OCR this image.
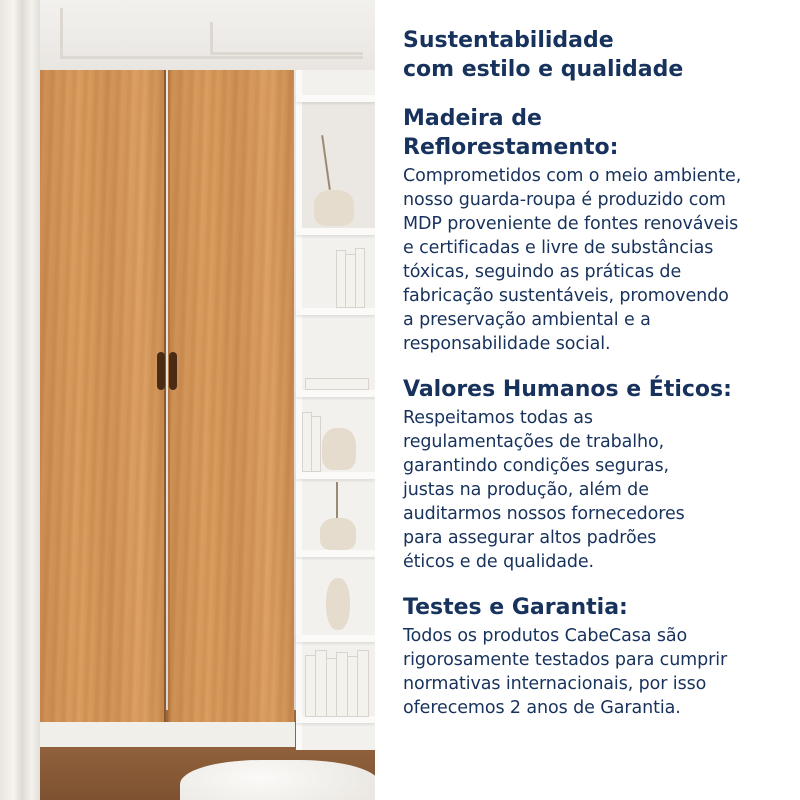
Sustentabilidade
com estilo e qualidade
Madeira de
Reflorestamento:

Comprometidos com o meio ambiente,
nosso guarda-roupa é produzido com
MDP proveniente de fontes renováveis
e certificadas e livre de substâncias
tóxicas, seguindo as práticas de
fabricação sustentáveis, promovendo
a preservação ambiental e a
responsabilidade social.

Valores Humanos e Éticos:

Respeitamos todas as
regulamentações de trabalho,
garantindo condições seguras,
justas na produção, além de
auditarmos nossos fornecedores
para assegurar altos padrões
éticos e de qualidade.

Testes e Garantia:

Todos os produtos CabeCasa são
rigorosamente testados para cumprir
normativas internacionais, por isso
oferecemos 2 anos de Garantia.
